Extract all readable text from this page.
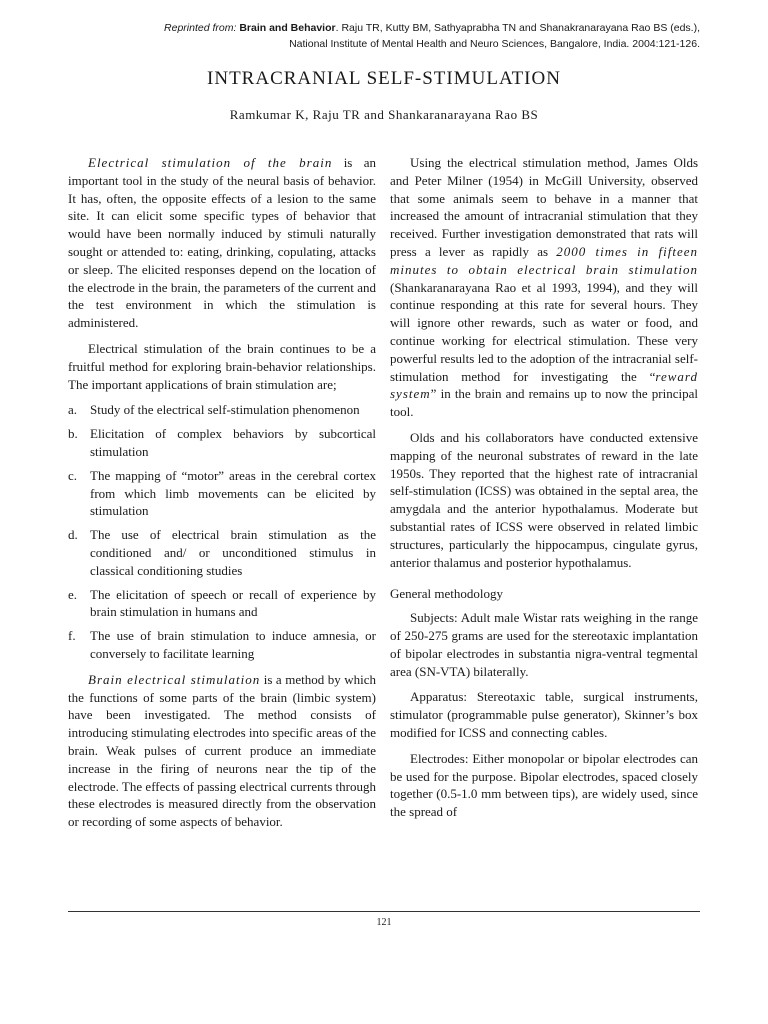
Reprinted from: Brain and Behavior. Raju TR, Kutty BM, Sathyaprabha TN and Shanakranarayana Rao BS (eds.),
National Institute of Mental Health and Neuro Sciences, Bangalore, India. 2004:121-126.
INTRACRANIAL SELF-STIMULATION
Ramkumar K, Raju TR and Shankaranarayana Rao BS

Electrical stimulation of the brain is an important tool in the study of the neural basis of behavior. It has, often, the opposite effects of a lesion to the same site. It can elicit some specific types of behavior that would have been normally induced by stimuli naturally sought or attended to: eating, drinking, copulating, attacks or sleep. The elicited responses depend on the location of the electrode in the brain, the parameters of the current and the test environment in which the stimulation is administered.

Electrical stimulation of the brain continues to be a fruitful method for exploring brain-behavior relationships. The important applications of brain stimulation are;

a. Study of the electrical self-stimulation phenomenon
b. Elicitation of complex behaviors by subcortical stimulation
c. The mapping of “motor” areas in the cerebral cortex from which limb movements can be elicited by stimulation
d. The use of electrical brain stimulation as the conditioned and/ or unconditioned stimulus in classical conditioning studies
e. The elicitation of speech or recall of experience by brain stimulation in humans and
f.	The use of brain stimulation to induce amnesia, or conversely to facilitate learning

Brain electrical stimulation is a method by which the functions of some parts of the brain (limbic system) have been investigated. The method consists of introducing stimulating electrodes into specific areas of the brain. Weak pulses of current produce an immediate increase in the firing of neurons near the tip of the electrode. The effects of passing electrical currents through these electrodes is measured directly from the observation or recording of some aspects of behavior.

Using the electrical stimulation method, James Olds and Peter Milner (1954) in McGill University, observed that some animals seem to behave in a manner that increased the amount of intracranial stimulation that they received. Further investigation demonstrated that rats will press a lever as rapidly as 2000 times in fifteen minutes to obtain electrical brain stimulation (Shankaranarayana Rao et al 1993, 1994), and they will continue responding at this rate for several hours. They will ignore other rewards, such as water or food, and continue working for electrical stimulation. These very powerful results led to the adoption of the intracranial self-stimulation method for investigating the “reward system” in the brain and remains up to now the principal tool.

Olds and his collaborators have conducted extensive mapping of the neuronal substrates of reward in the late 1950s. They reported that the highest rate of intracranial self-stimulation (ICSS) was obtained in the septal area, the amygdala and the anterior hypothalamus. Moderate but substantial rates of ICSS were observed in related limbic structures, particularly the hippocampus, cingulate gyrus, anterior thalamus and posterior hypothalamus.

General methodology

Subjects: Adult male Wistar rats weighing in the range of 250-275 grams are used for the stereotaxic implantation of bipolar electrodes in substantia nigra-ventral tegmental area (SN-VTA) bilaterally.

Apparatus: Stereotaxic table, surgical instruments, stimulator (programmable pulse generator), Skinner’s box modified for ICSS and connecting cables.

Electrodes: Either monopolar or bipolar electrodes can be used for the purpose. Bipolar electrodes, spaced closely together (0.5-1.0 mm between tips), are widely used, since the spread of

121
